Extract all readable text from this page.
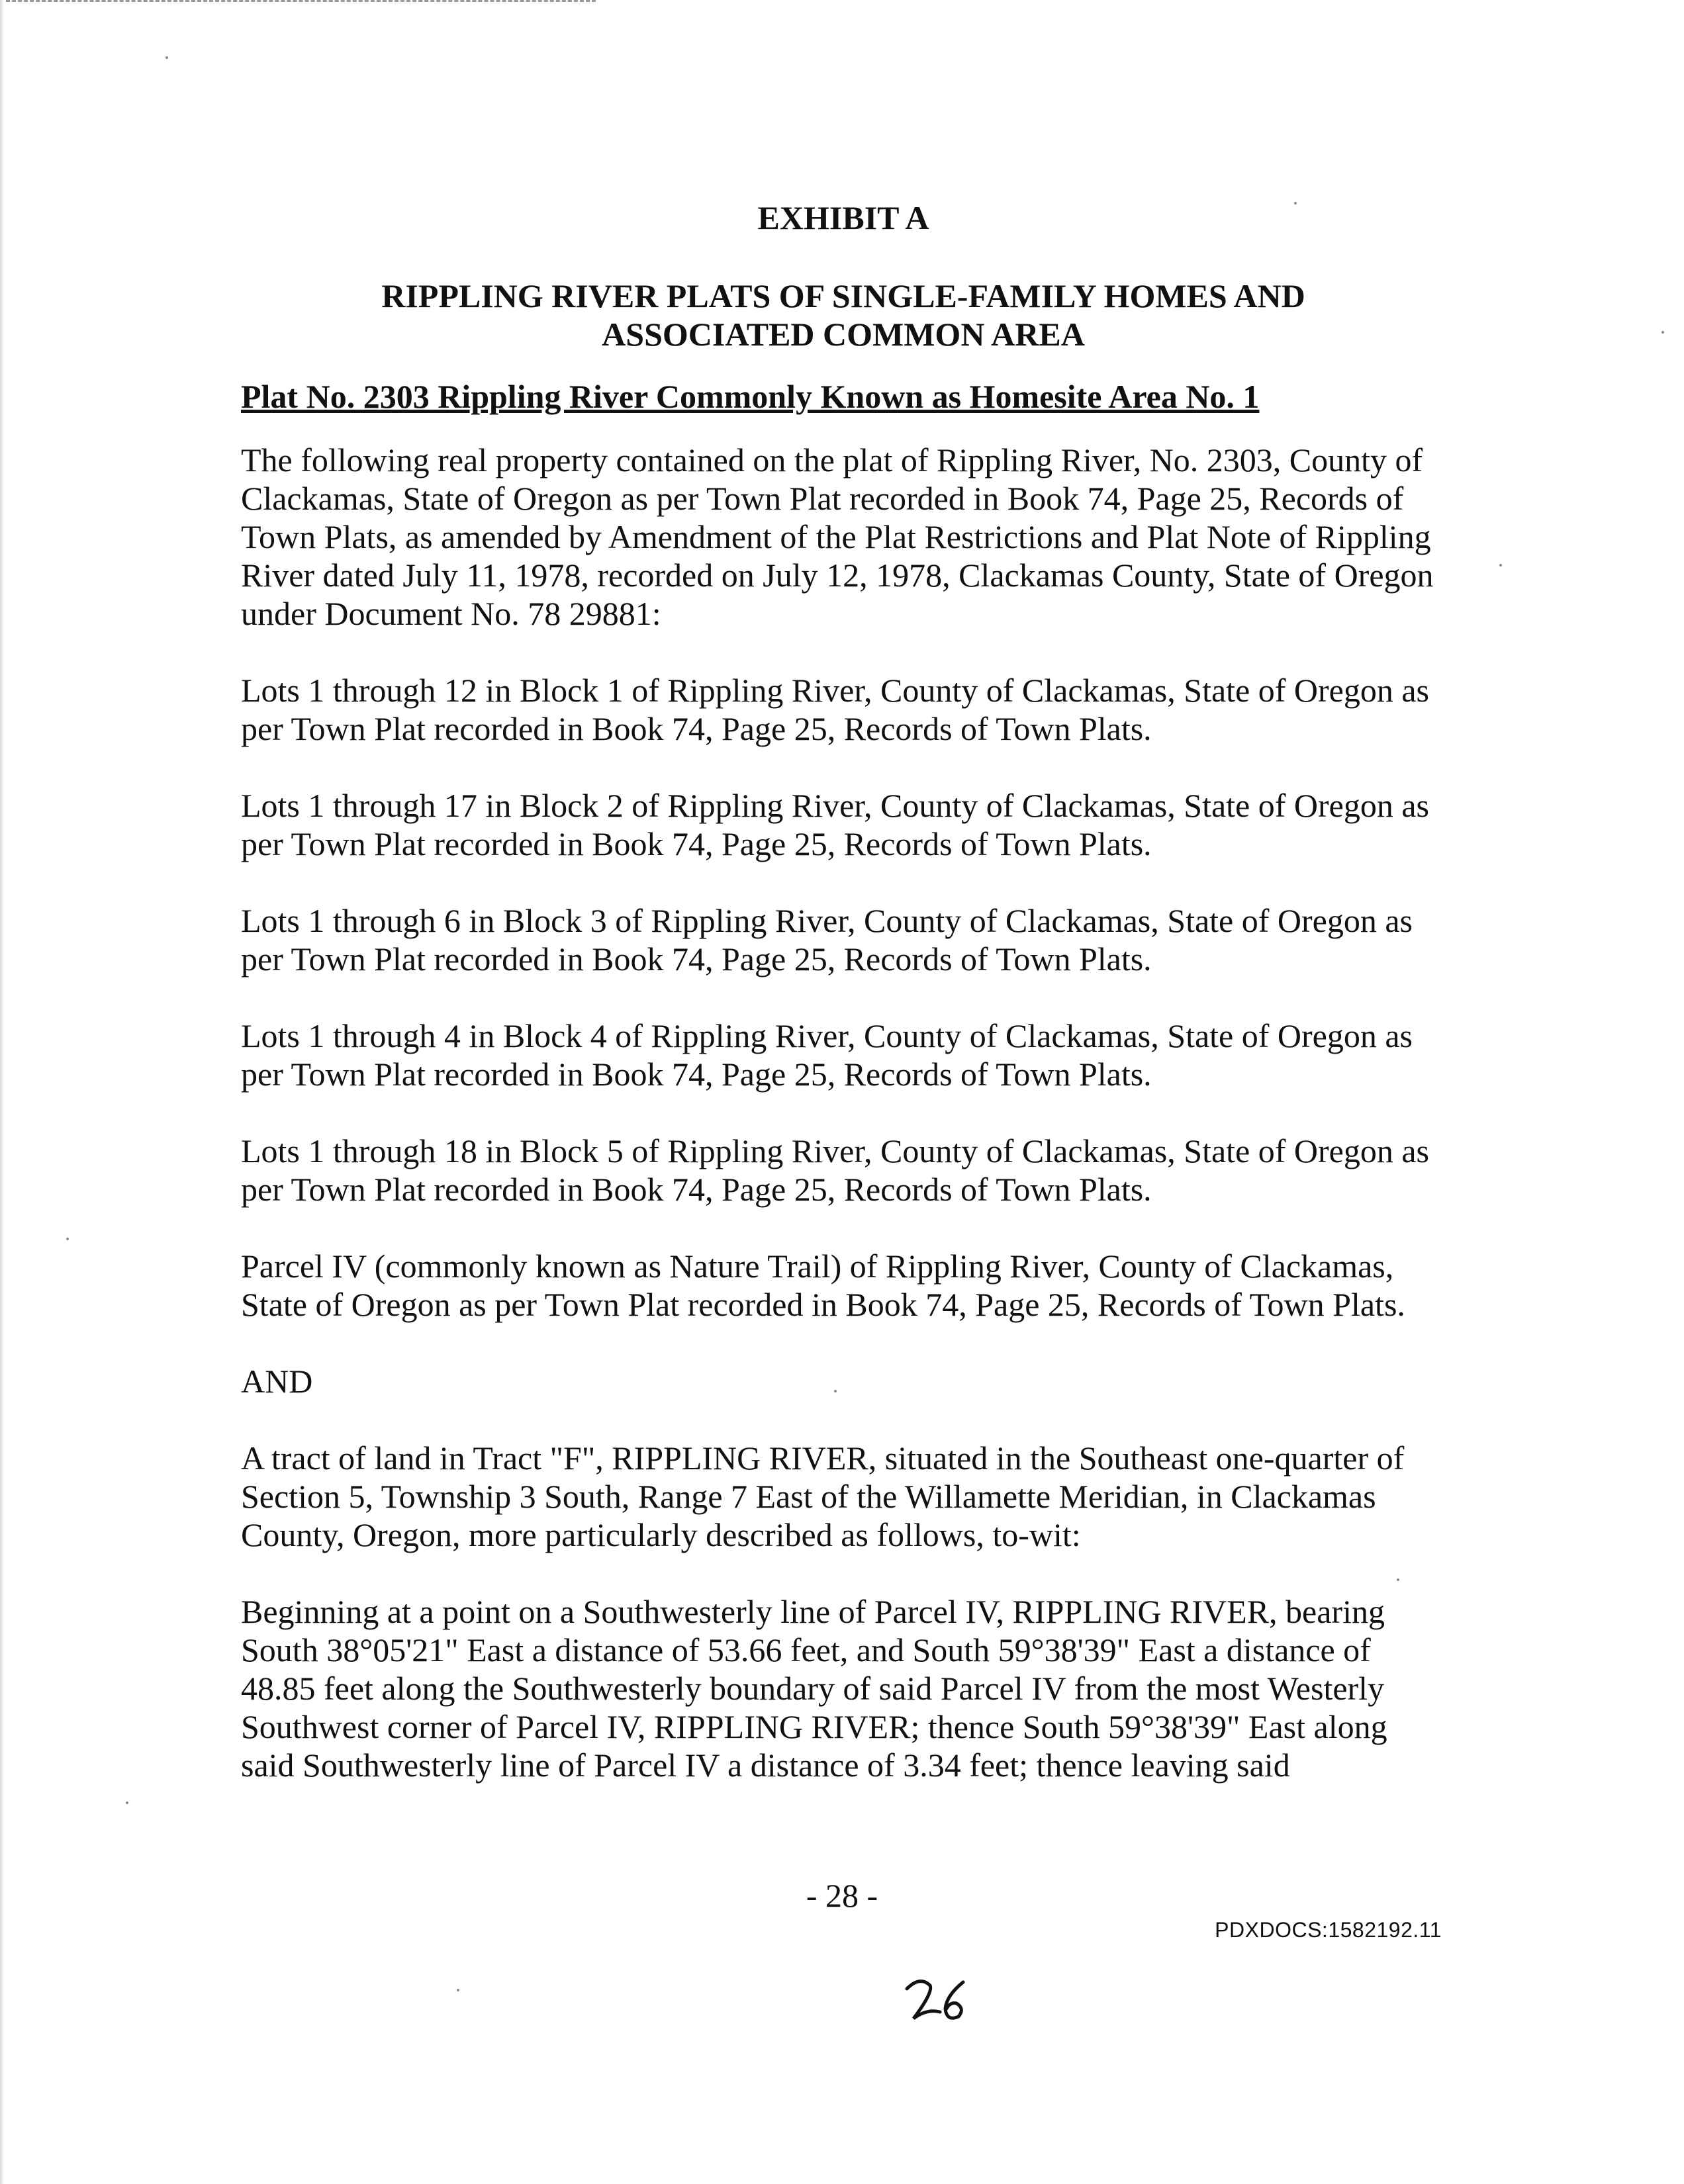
EXHIBIT A
RIPPLING RIVER PLATS OF SINGLE-FAMILY HOMES AND
ASSOCIATED COMMON AREA
Plat No. 2303 Rippling River Commonly Known as Homesite Area No. 1

The following real property contained on the plat of Rippling River, No. 2303, County of Clackamas, State of Oregon as per Town Plat recorded in Book 74, Page 25, Records of Town Plats, as amended by Amendment of the Plat Restrictions and Plat Note of Rippling River dated July 11, 1978, recorded on July 12, 1978, Clackamas County, State of Oregon under Document No. 78 29881:

Lots 1 through 12 in Block 1 of Rippling River, County of Clackamas, State of Oregon as per Town Plat recorded in Book 74, Page 25, Records of Town Plats.

Lots 1 through 17 in Block 2 of Rippling River, County of Clackamas, State of Oregon as per Town Plat recorded in Book 74, Page 25, Records of Town Plats.

Lots 1 through 6 in Block 3 of Rippling River, County of Clackamas, State of Oregon as per Town Plat recorded in Book 74, Page 25, Records of Town Plats.

Lots 1 through 4 in Block 4 of Rippling River, County of Clackamas, State of Oregon as per Town Plat recorded in Book 74, Page 25, Records of Town Plats.

Lots 1 through 18 in Block 5 of Rippling River, County of Clackamas, State of Oregon as per Town Plat recorded in Book 74, Page 25, Records of Town Plats.

Parcel IV (commonly known as Nature Trail) of Rippling River, County of Clackamas, State of Oregon as per Town Plat recorded in Book 74, Page 25, Records of Town Plats.

AND

A tract of land in Tract "F", RIPPLING RIVER, situated in the Southeast one-quarter of Section 5, Township 3 South, Range 7 East of the Willamette Meridian, in Clackamas County, Oregon, more particularly described as follows, to-wit:

Beginning at a point on a Southwesterly line of Parcel IV, RIPPLING RIVER, bearing South 38°05'21" East a distance of 53.66 feet, and South 59°38'39" East a distance of 48.85 feet along the Southwesterly boundary of said Parcel IV from the most Westerly Southwest corner of Parcel IV, RIPPLING RIVER; thence South 59°38'39" East along said Southwesterly line of Parcel IV a distance of 3.34 feet; thence leaving said

- 28 -
PDXDOCS:1582192.11
